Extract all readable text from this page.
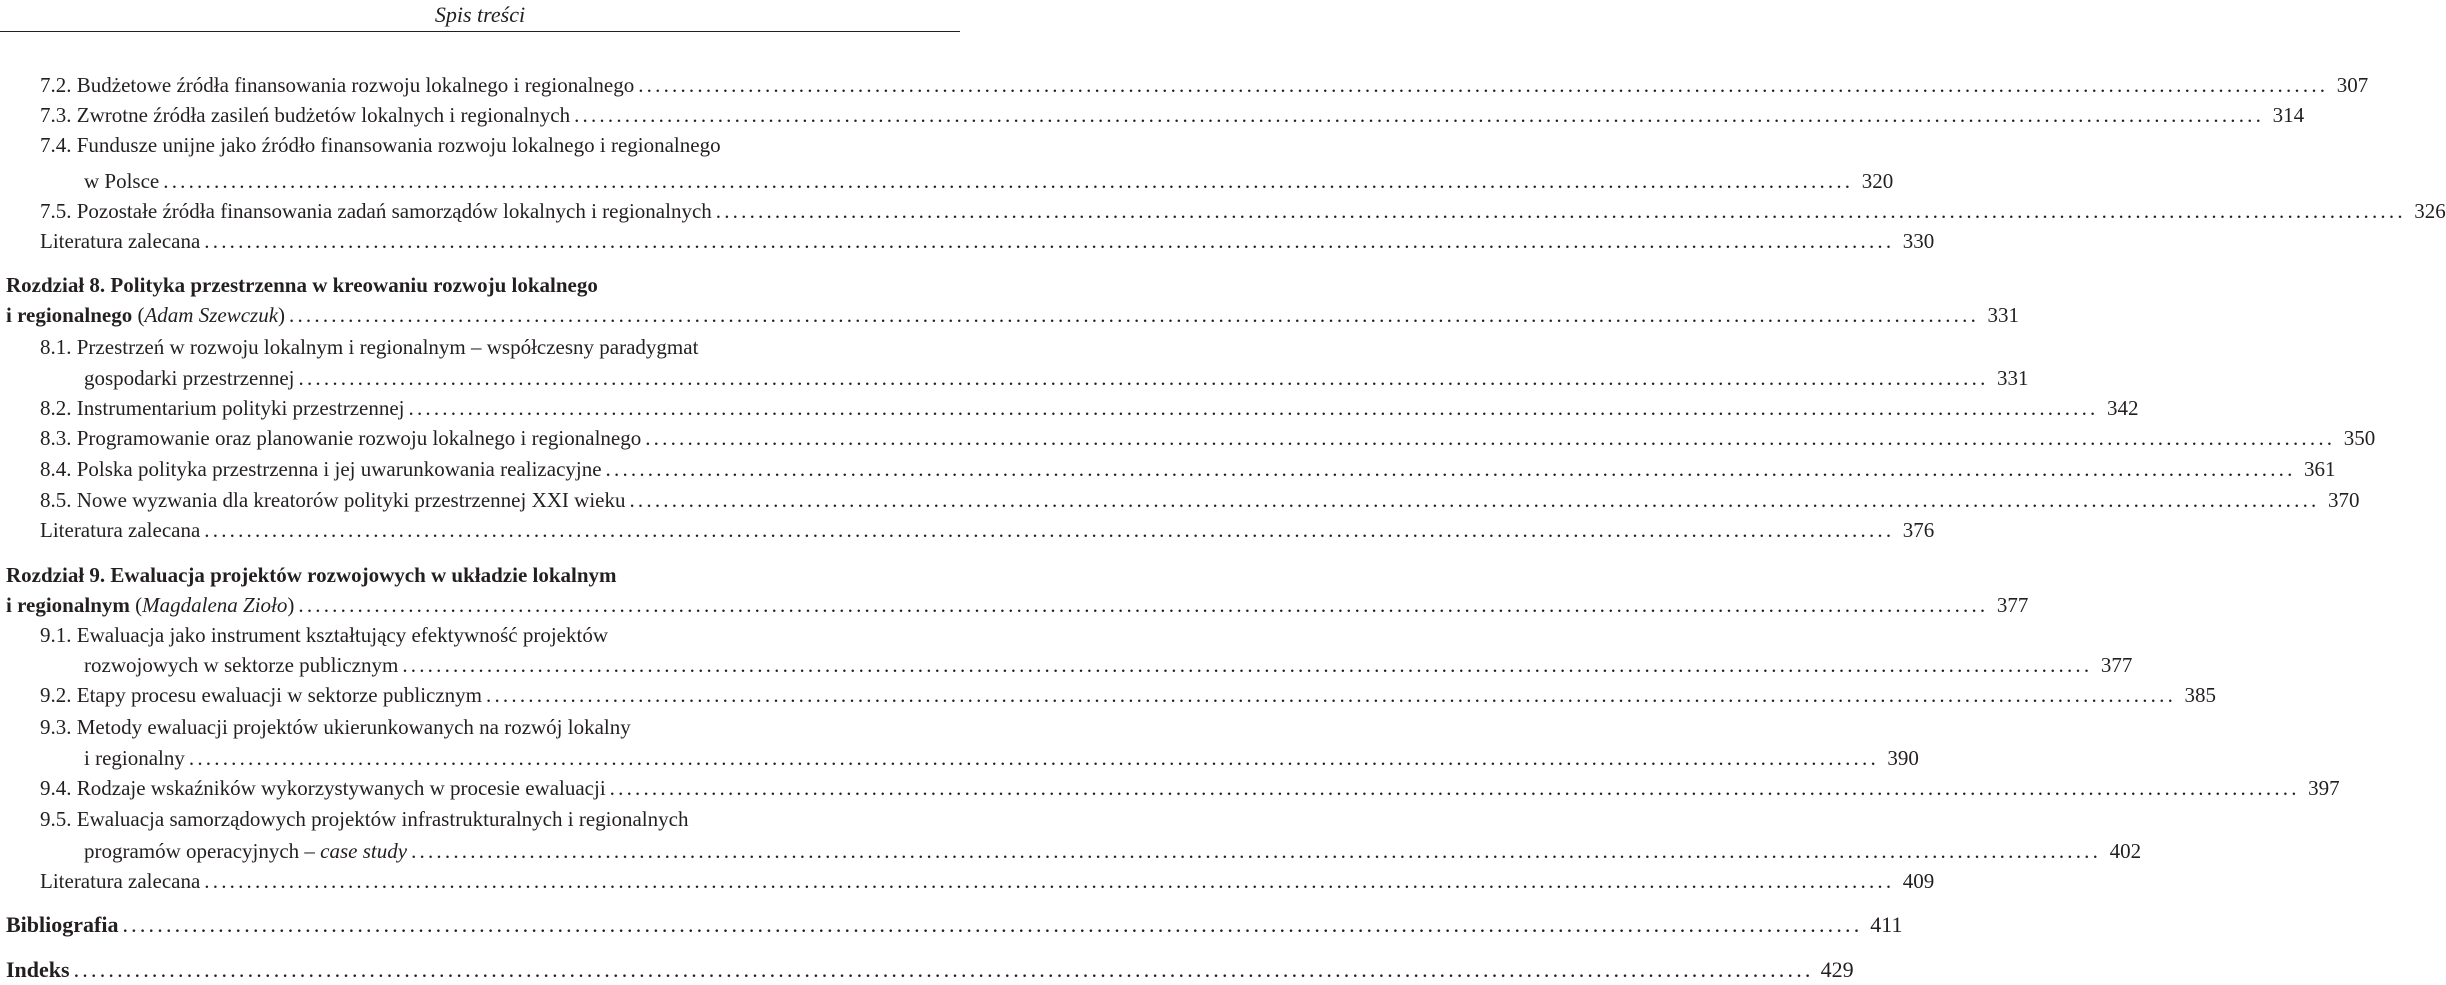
Spis treści
7.2. Budżetowe źródła finansowania rozwoju lokalnego i regionalnego ........................................................................................................................................................................................................ 307
7.3. Zwrotne źródła zasileń budżetów lokalnych i regionalnych ........................................................................................................................................................................................................ 314
7.4. Fundusze unijne jako źródło finansowania rozwoju lokalnego i regionalnego
w Polsce ........................................................................................................................................................................................................ 320
7.5. Pozostałe źródła finansowania zadań samorządów lokalnych i regionalnych ........................................................................................................................................................................................................ 326
Literatura zalecana ........................................................................................................................................................................................................ 330
Rozdział 8. Polityka przestrzenna w kreowaniu rozwoju lokalnego
i regionalnego (Adam Szewczuk) ........................................................................................................................................................................................................ 331
8.1. Przestrzeń w rozwoju lokalnym i regionalnym – współczesny paradygmat
gospodarki przestrzennej ........................................................................................................................................................................................................ 331
8.2. Instrumentarium polityki przestrzennej ........................................................................................................................................................................................................ 342
8.3. Programowanie oraz planowanie rozwoju lokalnego i regionalnego ........................................................................................................................................................................................................ 350
8.4. Polska polityka przestrzenna i jej uwarunkowania realizacyjne ........................................................................................................................................................................................................ 361
8.5. Nowe wyzwania dla kreatorów polityki przestrzennej XXI wieku ........................................................................................................................................................................................................ 370
Literatura zalecana ........................................................................................................................................................................................................ 376
Rozdział 9. Ewaluacja projektów rozwojowych w układzie lokalnym
i regionalnym (Magdalena Zioło) ........................................................................................................................................................................................................ 377
9.1. Ewaluacja jako instrument kształtujący efektywność projektów
rozwojowych w sektorze publicznym ........................................................................................................................................................................................................ 377
9.2. Etapy procesu ewaluacji w sektorze publicznym ........................................................................................................................................................................................................ 385
9.3. Metody ewaluacji projektów ukierunkowanych na rozwój lokalny
i regionalny ........................................................................................................................................................................................................ 390
9.4. Rodzaje wskaźników wykorzystywanych w procesie ewaluacji ........................................................................................................................................................................................................ 397
9.5. Ewaluacja samorządowych projektów infrastrukturalnych i regionalnych
programów operacyjnych – case study ........................................................................................................................................................................................................ 402
Literatura zalecana ........................................................................................................................................................................................................ 409
Bibliografia ........................................................................................................................................................................................................ 411
Indeks ........................................................................................................................................................................................................ 429
